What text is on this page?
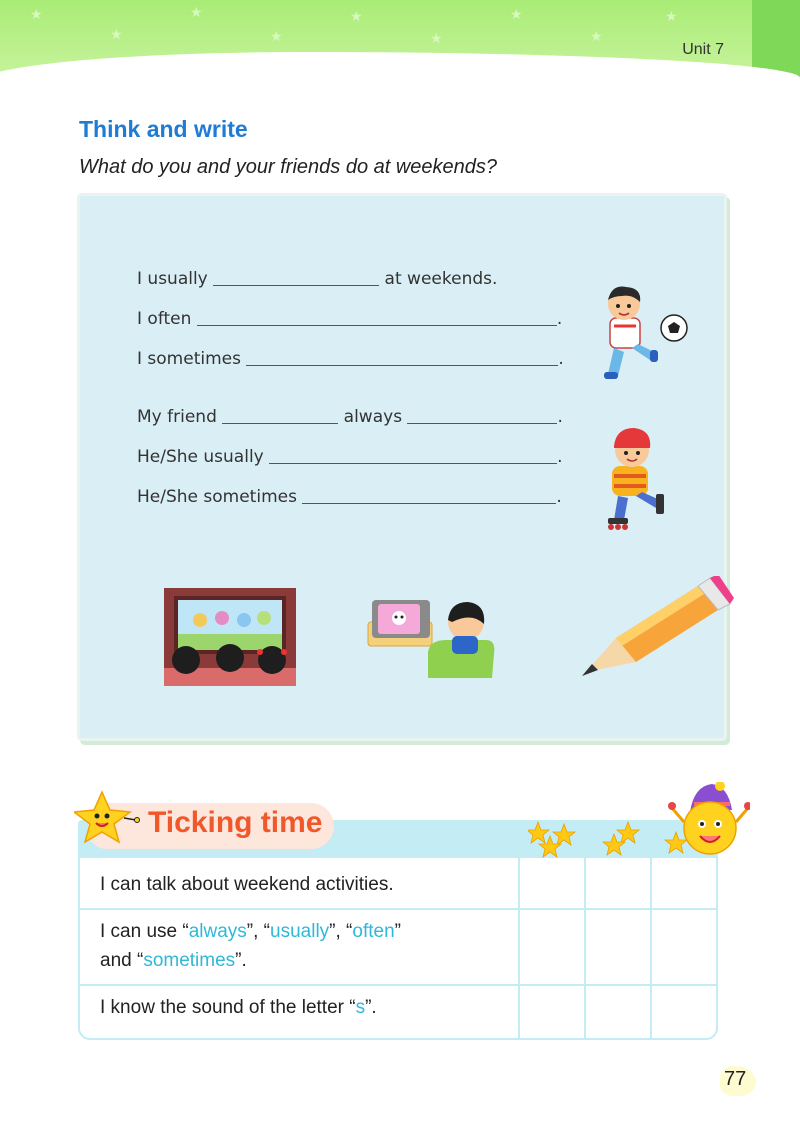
★
★
★
★
★
★
★
★
★
Unit 7
Think and write
What do you and your friends do at weekends?
I usually	at weekends.
I often	.
I sometimes	.
My friend	always	.
He/She usually	.
He/She sometimes	.
Ticking time
I can talk about weekend activities.
I can use “always”, “usually”, “often”
and “sometimes”.
I know the sound of the letter “s”.
77
